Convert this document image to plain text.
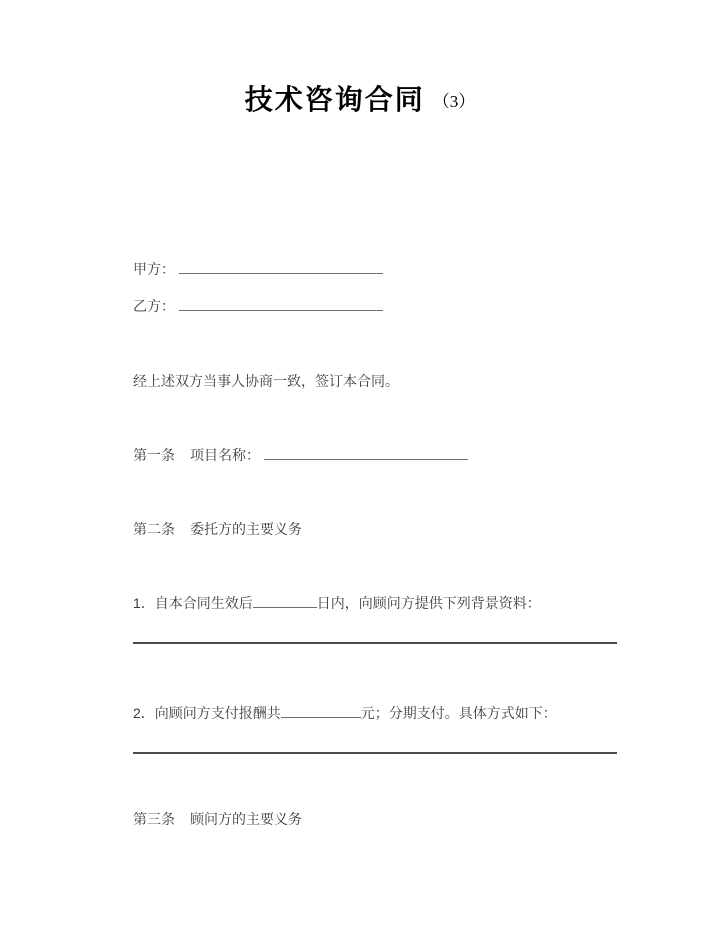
技术咨询合同 （3）
甲方：
乙方：
经上述双方当事人协商一致，签订本合同。
第一条 项目名称：
第二条 委托方的主要义务
1．自本合同生效后	日内，向顾问方提供下列背景资料：
2．向顾问方支付报酬共	元；分期支付。具体方式如下：
第三条 顾问方的主要义务
